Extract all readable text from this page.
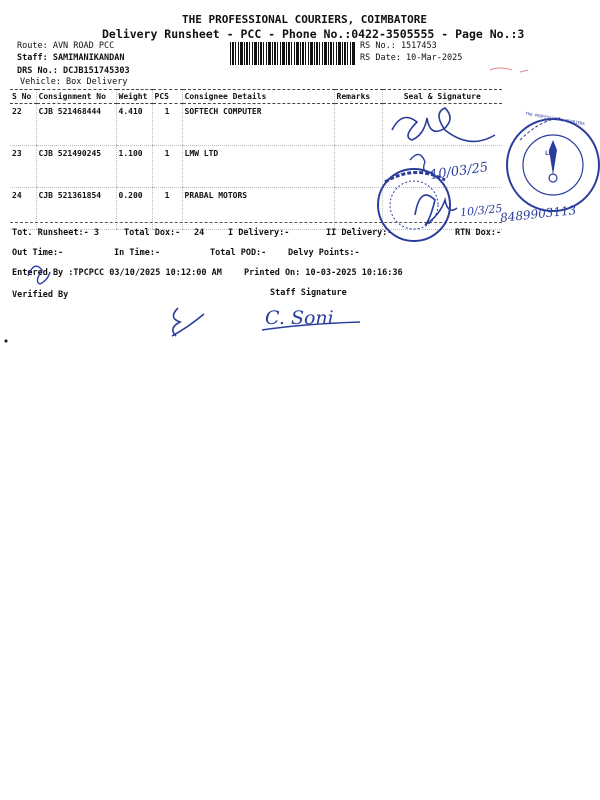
THE PROFESSIONAL COURIERS, COIMBATORE
Delivery Runsheet - PCC - Phone No.:0422-3505555 - Page No.:3
Route: AVN ROAD PCC
Staff: SAMIMANIKANDAN
DRS No.: DCJB151745303
Vehicle: Box Delivery
RS No.: 1517453
RS Date: 10-Mar-2025
S No	Consignment No	Weight	PCS	Consignee Details	Remarks	Seal & Signature
22	CJB 521468444	4.410	1	SOFTECH COMPUTER		
23	CJB 521490245	1.100	1	LMW LTD		
24	CJB 521361854	0.200	1	PRABAL MOTORS		
Tot. Runsheet:- 3	Total Dox:- 24	I Delivery:-	II Delivery:-	RTN Dox:-
Out Time:-	In Time:-	Total POD:-	Delvy Points:-
Entered By :TPCPCC 03/10/2025 10:12:00 AM	Printed On: 10-03-2025 10:16:36
Verified By	Staff Signature
10/03/25
10/3/25
8489903113
C. Soni
THE PROFESSIONAL COURIERS
LMW
